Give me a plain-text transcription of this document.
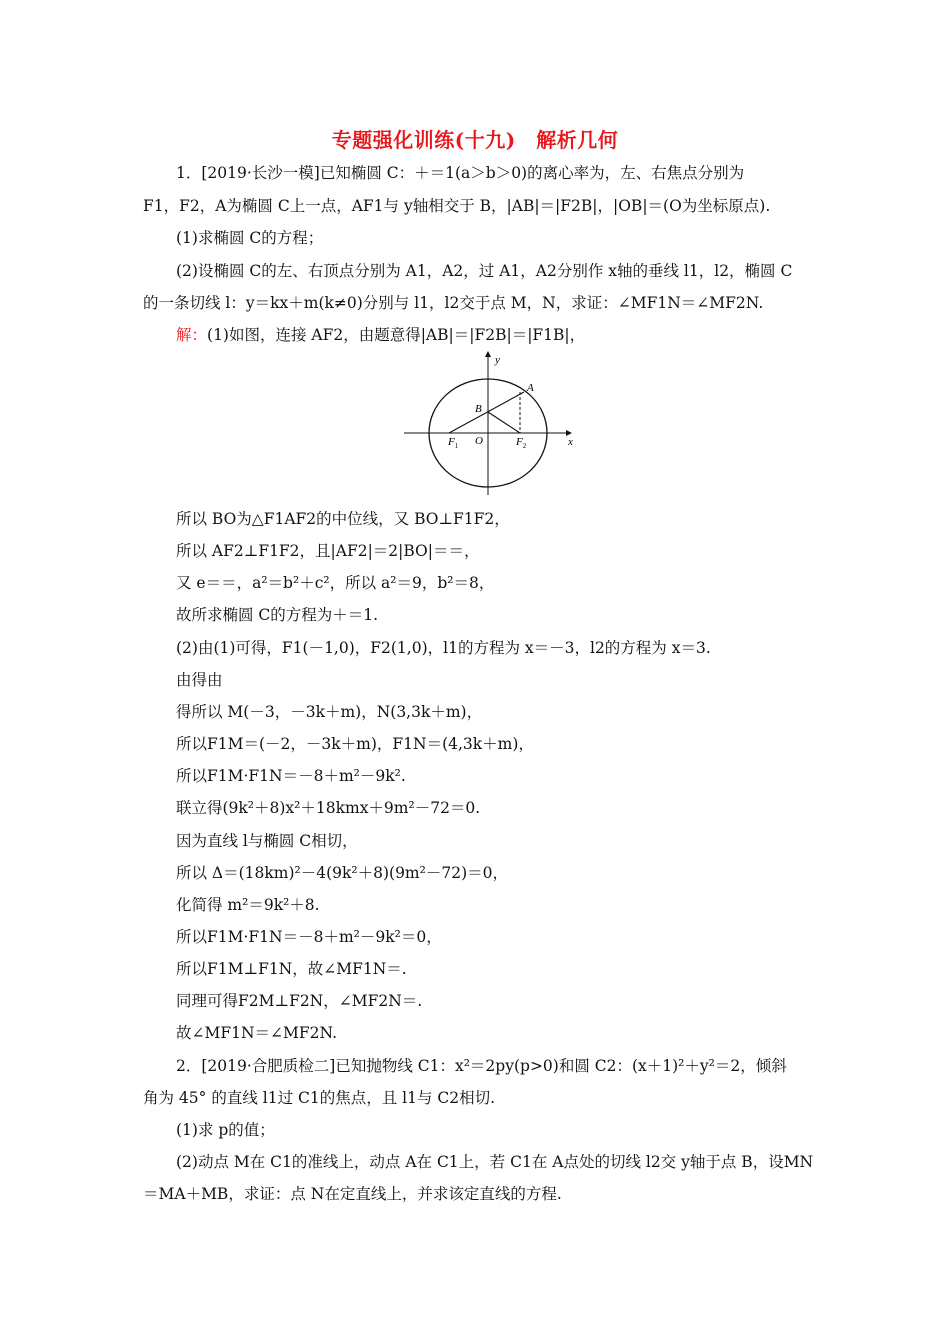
专题强化训练(十九)　解析几何
1．[2019·长沙一模]已知椭圆 C：＋＝1(a＞b＞0)的离心率为，左、右焦点分别为
F1，F2，A为椭圆 C上一点，AF1与 y轴相交于 B，|AB|＝|F2B|，|OB|＝(O为坐标原点).
(1)求椭圆 C的方程；
(2)设椭圆 C的左、右顶点分别为 A1，A2，过 A1，A2分别作 x轴的垂线 l1，l2，椭圆 C
的一条切线 l：y＝kx＋m(k≠0)分别与 l1，l2交于点 M，N，求证：∠MF1N＝∠MF2N.
解：(1)如图，连接 AF2，由题意得|AB|＝|F2B|＝|F1B|，
y
A
B
O
$F_1$	$F_2$	x
所以 BO为△F1AF2的中位线，又 BO⊥F1F2，
所以 AF2⊥F1F2，且|AF2|＝2|BO|＝＝，
又 e＝＝，a²＝b²＋c²，所以 a²＝9，b²＝8，
故所求椭圆 C的方程为＋＝1.
(2)由(1)可得，F1(－1,0)，F2(1,0)，l1的方程为 x＝－3，l2的方程为 x＝3.
由得由
得所以 M(－3，－3k＋m)，N(3,3k＋m)，
所以F1M＝(－2，－3k＋m)，F1N＝(4,3k＋m)，
所以F1M·F1N＝－8＋m²－9k².
联立得(9k²＋8)x²＋18kmx＋9m²－72＝0.
因为直线 l与椭圆 C相切，
所以 Δ＝(18km)²－4(9k²＋8)(9m²－72)＝0，
化简得 m²＝9k²＋8.
所以F1M·F1N＝－8＋m²－9k²＝0，
所以F1M⊥F1N，故∠MF1N＝.
同理可得F2M⊥F2N，∠MF2N＝.
故∠MF1N＝∠MF2N.
2．[2019·合肥质检二]已知抛物线 C1：x²＝2py(p>0)和圆 C2：(x＋1)²＋y²＝2，倾斜
角为 45° 的直线 l1过 C1的焦点，且 l1与 C2相切.
(1)求 p的值；
(2)动点 M在 C1的准线上，动点 A在 C1上，若 C1在 A点处的切线 l2交 y轴于点 B，设MN
＝MA＋MB，求证：点 N在定直线上，并求该定直线的方程.
